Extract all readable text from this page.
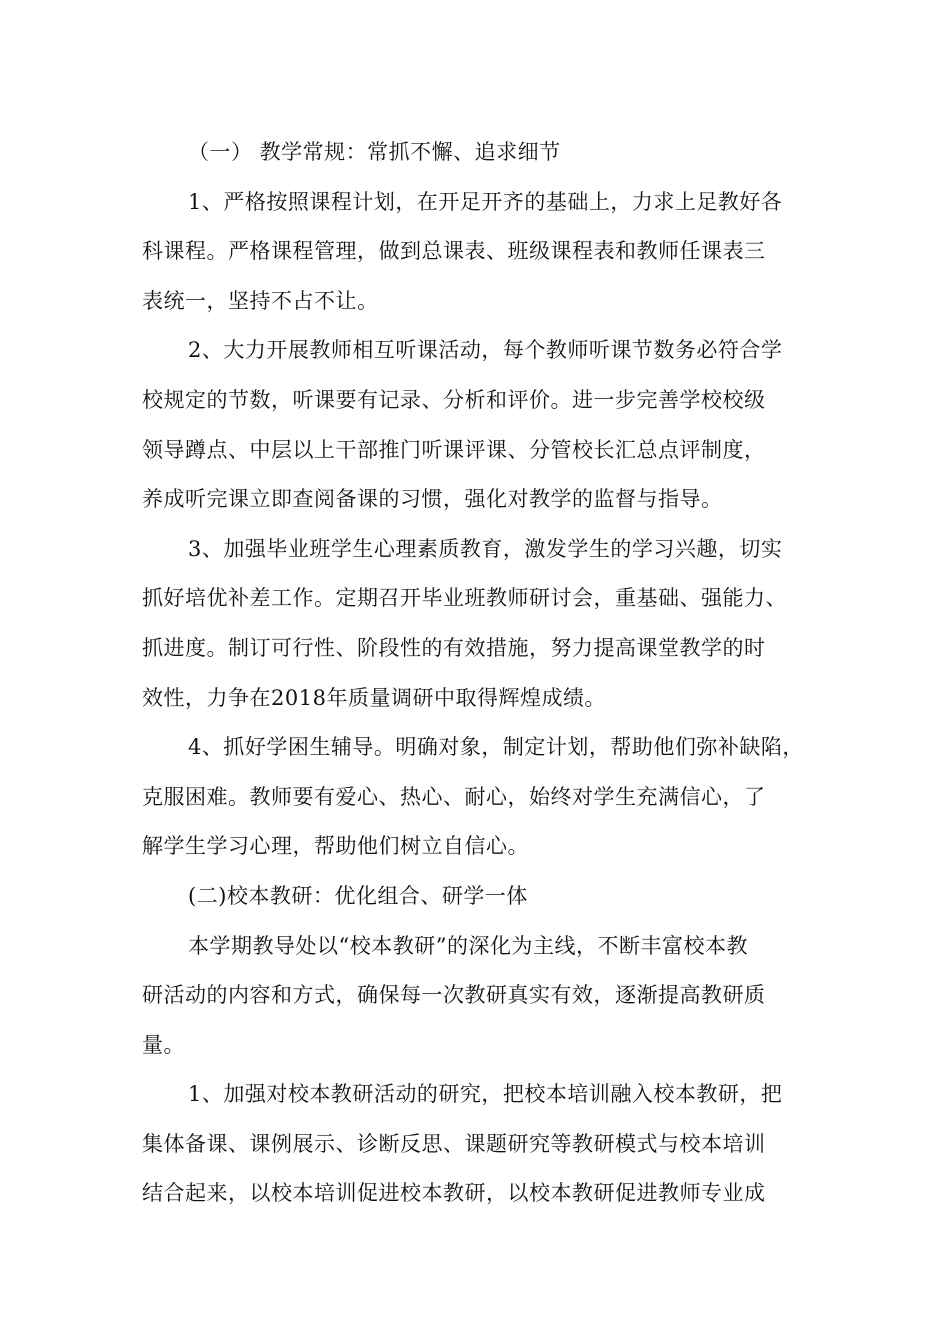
（一） 教学常规：常抓不懈、追求细节
1、严格按照课程计划，在开足开齐的基础上，力求上足教好各
科课程。严格课程管理，做到总课表、班级课程表和教师任课表三
表统一，坚持不占不让。
2、大力开展教师相互听课活动，每个教师听课节数务必符合学
校规定的节数，听课要有记录、分析和评价。进一步完善学校校级
领导蹲点、中层以上干部推门听课评课、分管校长汇总点评制度，
养成听完课立即查阅备课的习惯，强化对教学的监督与指导。
3、加强毕业班学生心理素质教育，激发学生的学习兴趣，切实
抓好培优补差工作。定期召开毕业班教师研讨会，重基础、强能力、
抓进度。制订可行性、阶段性的有效措施，努力提高课堂教学的时
效性，力争在2018年质量调研中取得辉煌成绩。
4、抓好学困生辅导。明确对象，制定计划，帮助他们弥补缺陷，
克服困难。教师要有爱心、热心、耐心，始终对学生充满信心，了
解学生学习心理，帮助他们树立自信心。
(二)校本教研：优化组合、研学一体
本学期教导处以“校本教研”的深化为主线，不断丰富校本教
研活动的内容和方式，确保每一次教研真实有效，逐渐提高教研质
量。
1、加强对校本教研活动的研究，把校本培训融入校本教研，把
集体备课、课例展示、诊断反思、课题研究等教研模式与校本培训
结合起来，以校本培训促进校本教研，以校本教研促进教师专业成
